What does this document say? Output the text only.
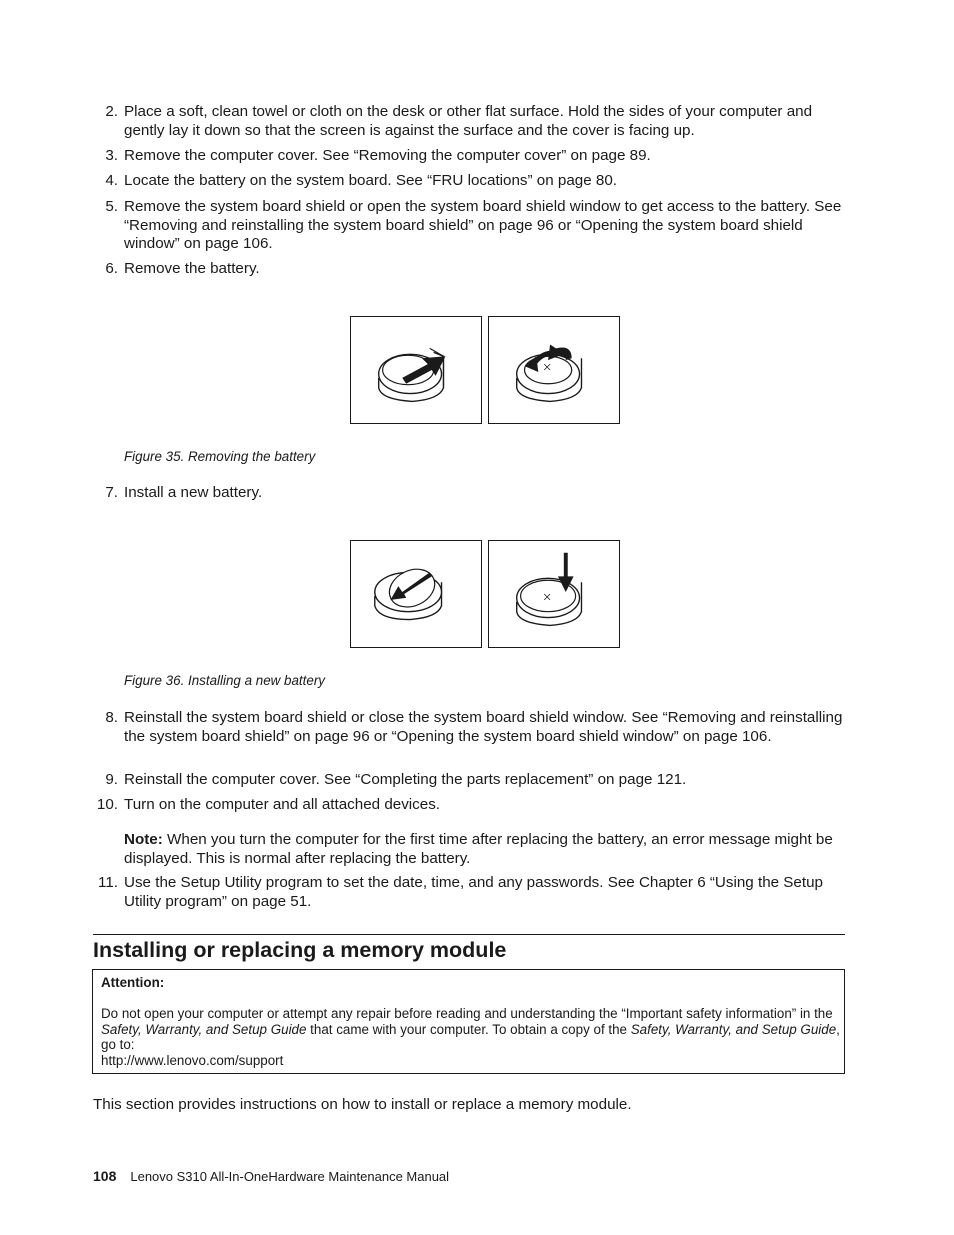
2. Place a soft, clean towel or cloth on the desk or other flat surface. Hold the sides of your computer and gently lay it down so that the screen is against the surface and the cover is facing up.
3. Remove the computer cover. See “Removing the computer cover” on page 89.
4. Locate the battery on the system board. See “FRU locations” on page 80.
5. Remove the system board shield or open the system board shield window to get access to the battery. See “Removing and reinstalling the system board shield” on page 96 or “Opening the system board shield window” on page 106.
6. Remove the battery.
Figure 35. Removing the battery
7. Install a new battery.
Figure 36. Installing a new battery
8. Reinstall the system board shield or close the system board shield window. See “Removing and reinstalling the system board shield” on page 96 or “Opening the system board shield window” on page 106.
9. Reinstall the computer cover. See “Completing the parts replacement” on page 121.
10. Turn on the computer and all attached devices.
Note: When you turn the computer for the first time after replacing the battery, an error message might be displayed. This is normal after replacing the battery.
11. Use the Setup Utility program to set the date, time, and any passwords. See Chapter 6 “Using the Setup Utility program” on page 51.
Installing or replacing a memory module
Attention:
Do not open your computer or attempt any repair before reading and understanding the “Important safety information” in the Safety, Warranty, and Setup Guide that came with your computer. To obtain a copy of the Safety, Warranty, and Setup Guide, go to:
http://www.lenovo.com/support
This section provides instructions on how to install or replace a memory module.
108 Lenovo S310 All-In-OneHardware Maintenance Manual
